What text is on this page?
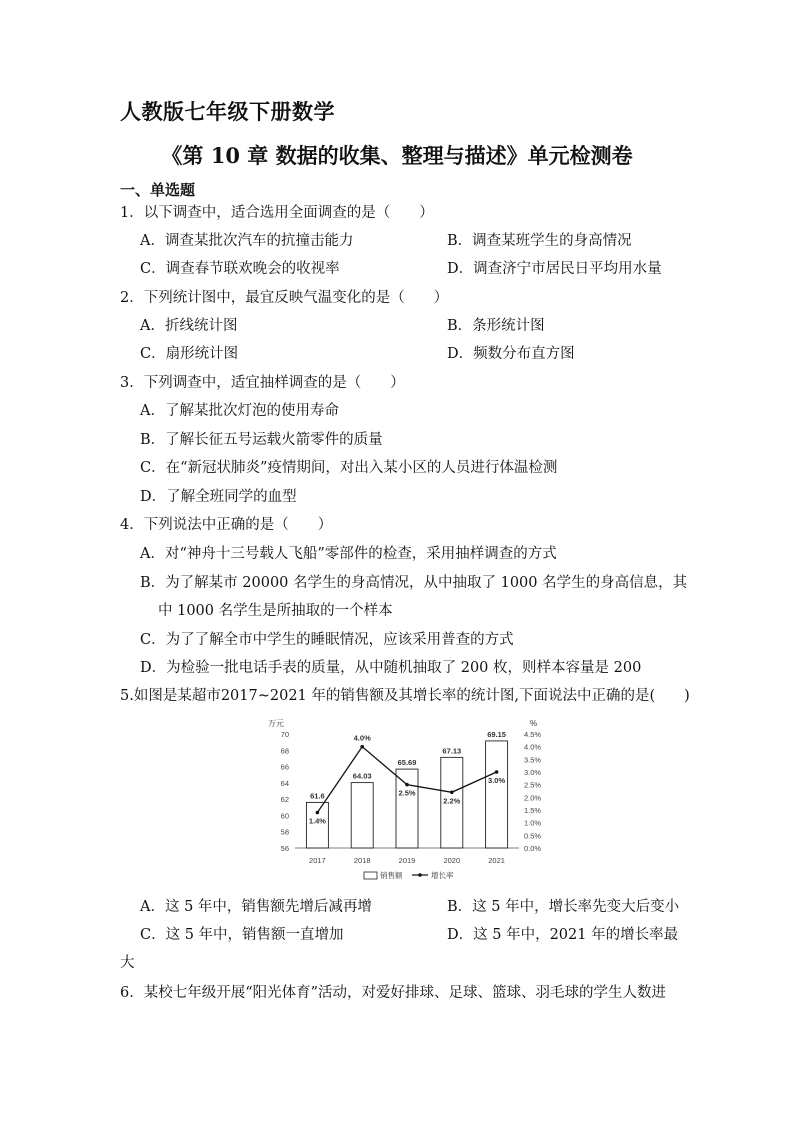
人教版七年级下册数学
《第 10 章 数据的收集、整理与描述》单元检测卷
一、单选题
1．以下调查中，适合选用全面调查的是（　　）
A．调查某批次汽车的抗撞击能力	B．调查某班学生的身高情况
C．调查春节联欢晚会的收视率	D．调查济宁市居民日平均用水量
2．下列统计图中，最宜反映气温变化的是（　　）
A．折线统计图	B．条形统计图
C．扇形统计图	D．频数分布直方图
3．下列调查中，适宜抽样调查的是（　　）
A．了解某批次灯泡的使用寿命
B．了解长征五号运载火箭零件的质量
C．在“新冠状肺炎”疫情期间，对出入某小区的人员进行体温检测
D．了解全班同学的血型
4．下列说法中正确的是（　　）
A．对“神舟十三号载人飞船”零部件的检查，采用抽样调查的方式
B．为了解某市 20000 名学生的身高情况，从中抽取了 1000 名学生的身高信息，其
中 1000 名学生是所抽取的一个样本
C．为了了解全市中学生的睡眠情况，应该采用普查的方式
D．为检验一批电话手表的质量，从中随机抽取了 200 枚，则样本容量是 200
5.如图是某超市2017~2021 年的销售额及其增长率的统计图,下面说法中正确的是(　　)
万元	%
56
58
60
62
64
66
68
70
0.0%
0.5%
1.0%
1.5%
2.0%
2.5%
3.0%
3.5%
4.0%
4.5%
61.6
64.03
65.69
67.13
69.15
2017	2018	2019	2020	2021
1.4%
4.0%
2.5%
2.2%
3.0%
销售额	增长率
A．这 5 年中，销售额先增后减再增	B．这 5 年中，增长率先变大后变小
C．这 5 年中，销售额一直增加	D．这 5 年中，2021 年的增长率最
大
6．某校七年级开展“阳光体育”活动，对爱好排球、足球、篮球、羽毛球的学生人数进
